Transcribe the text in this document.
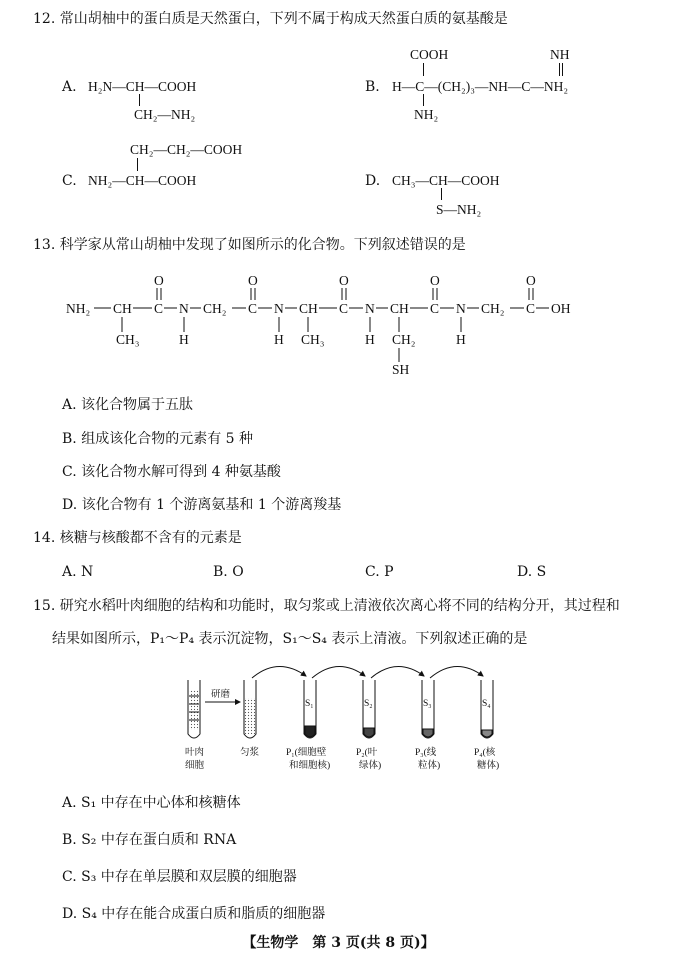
12. 常山胡柚中的蛋白质是天然蛋白，下列不属于构成天然蛋白质的氨基酸是
A. H₂N—CH—COOH
CH₂—NH₂
B.
COOH
H—C—(CH₂)₃—NH—C—NH₂
NH₂
NH
CH₂—CH₂—COOH
C. NH₂—CH—COOH	D. CH₃—CH—COOH
S—NH₂
13. 科学家从常山胡柚中发现了如图所示的化合物。下列叙述错误的是
O	O	O	O	O
NH₂ CH C N CH₂ C N CH C N CH C N CH₂ C OH
CH₃	H	H CH₃	H CH₂	H
SH
A. 该化合物属于五肽
B. 组成该化合物的元素有 5 种
C. 该化合物水解可得到 4 种氨基酸
D. 该化合物有 1 个游离氨基和 1 个游离羧基
14. 核糖与核酸都不含有的元素是
A. N	B. O	C. P	D. S
15. 研究水稻叶肉细胞的结构和功能时，取匀浆或上清液依次离心将不同的结构分开，其过程和
结果如图所示，P₁～P₄ 表示沉淀物，S₁～S₄ 表示上清液。下列叙述正确的是
研磨
S₁	S₂	S₃	S₄
叶肉
细胞
匀浆	P₁(细胞壁
和细胞核)
P₂(叶
绿体)
P₃(线
粒体)
P₄(核
糖体)
A. S₁ 中存在中心体和核糖体
B. S₂ 中存在蛋白质和 RNA
C. S₃ 中存在单层膜和双层膜的细胞器
D. S₄ 中存在能合成蛋白质和脂质的细胞器
【生物学　第 3 页(共 8 页)】
